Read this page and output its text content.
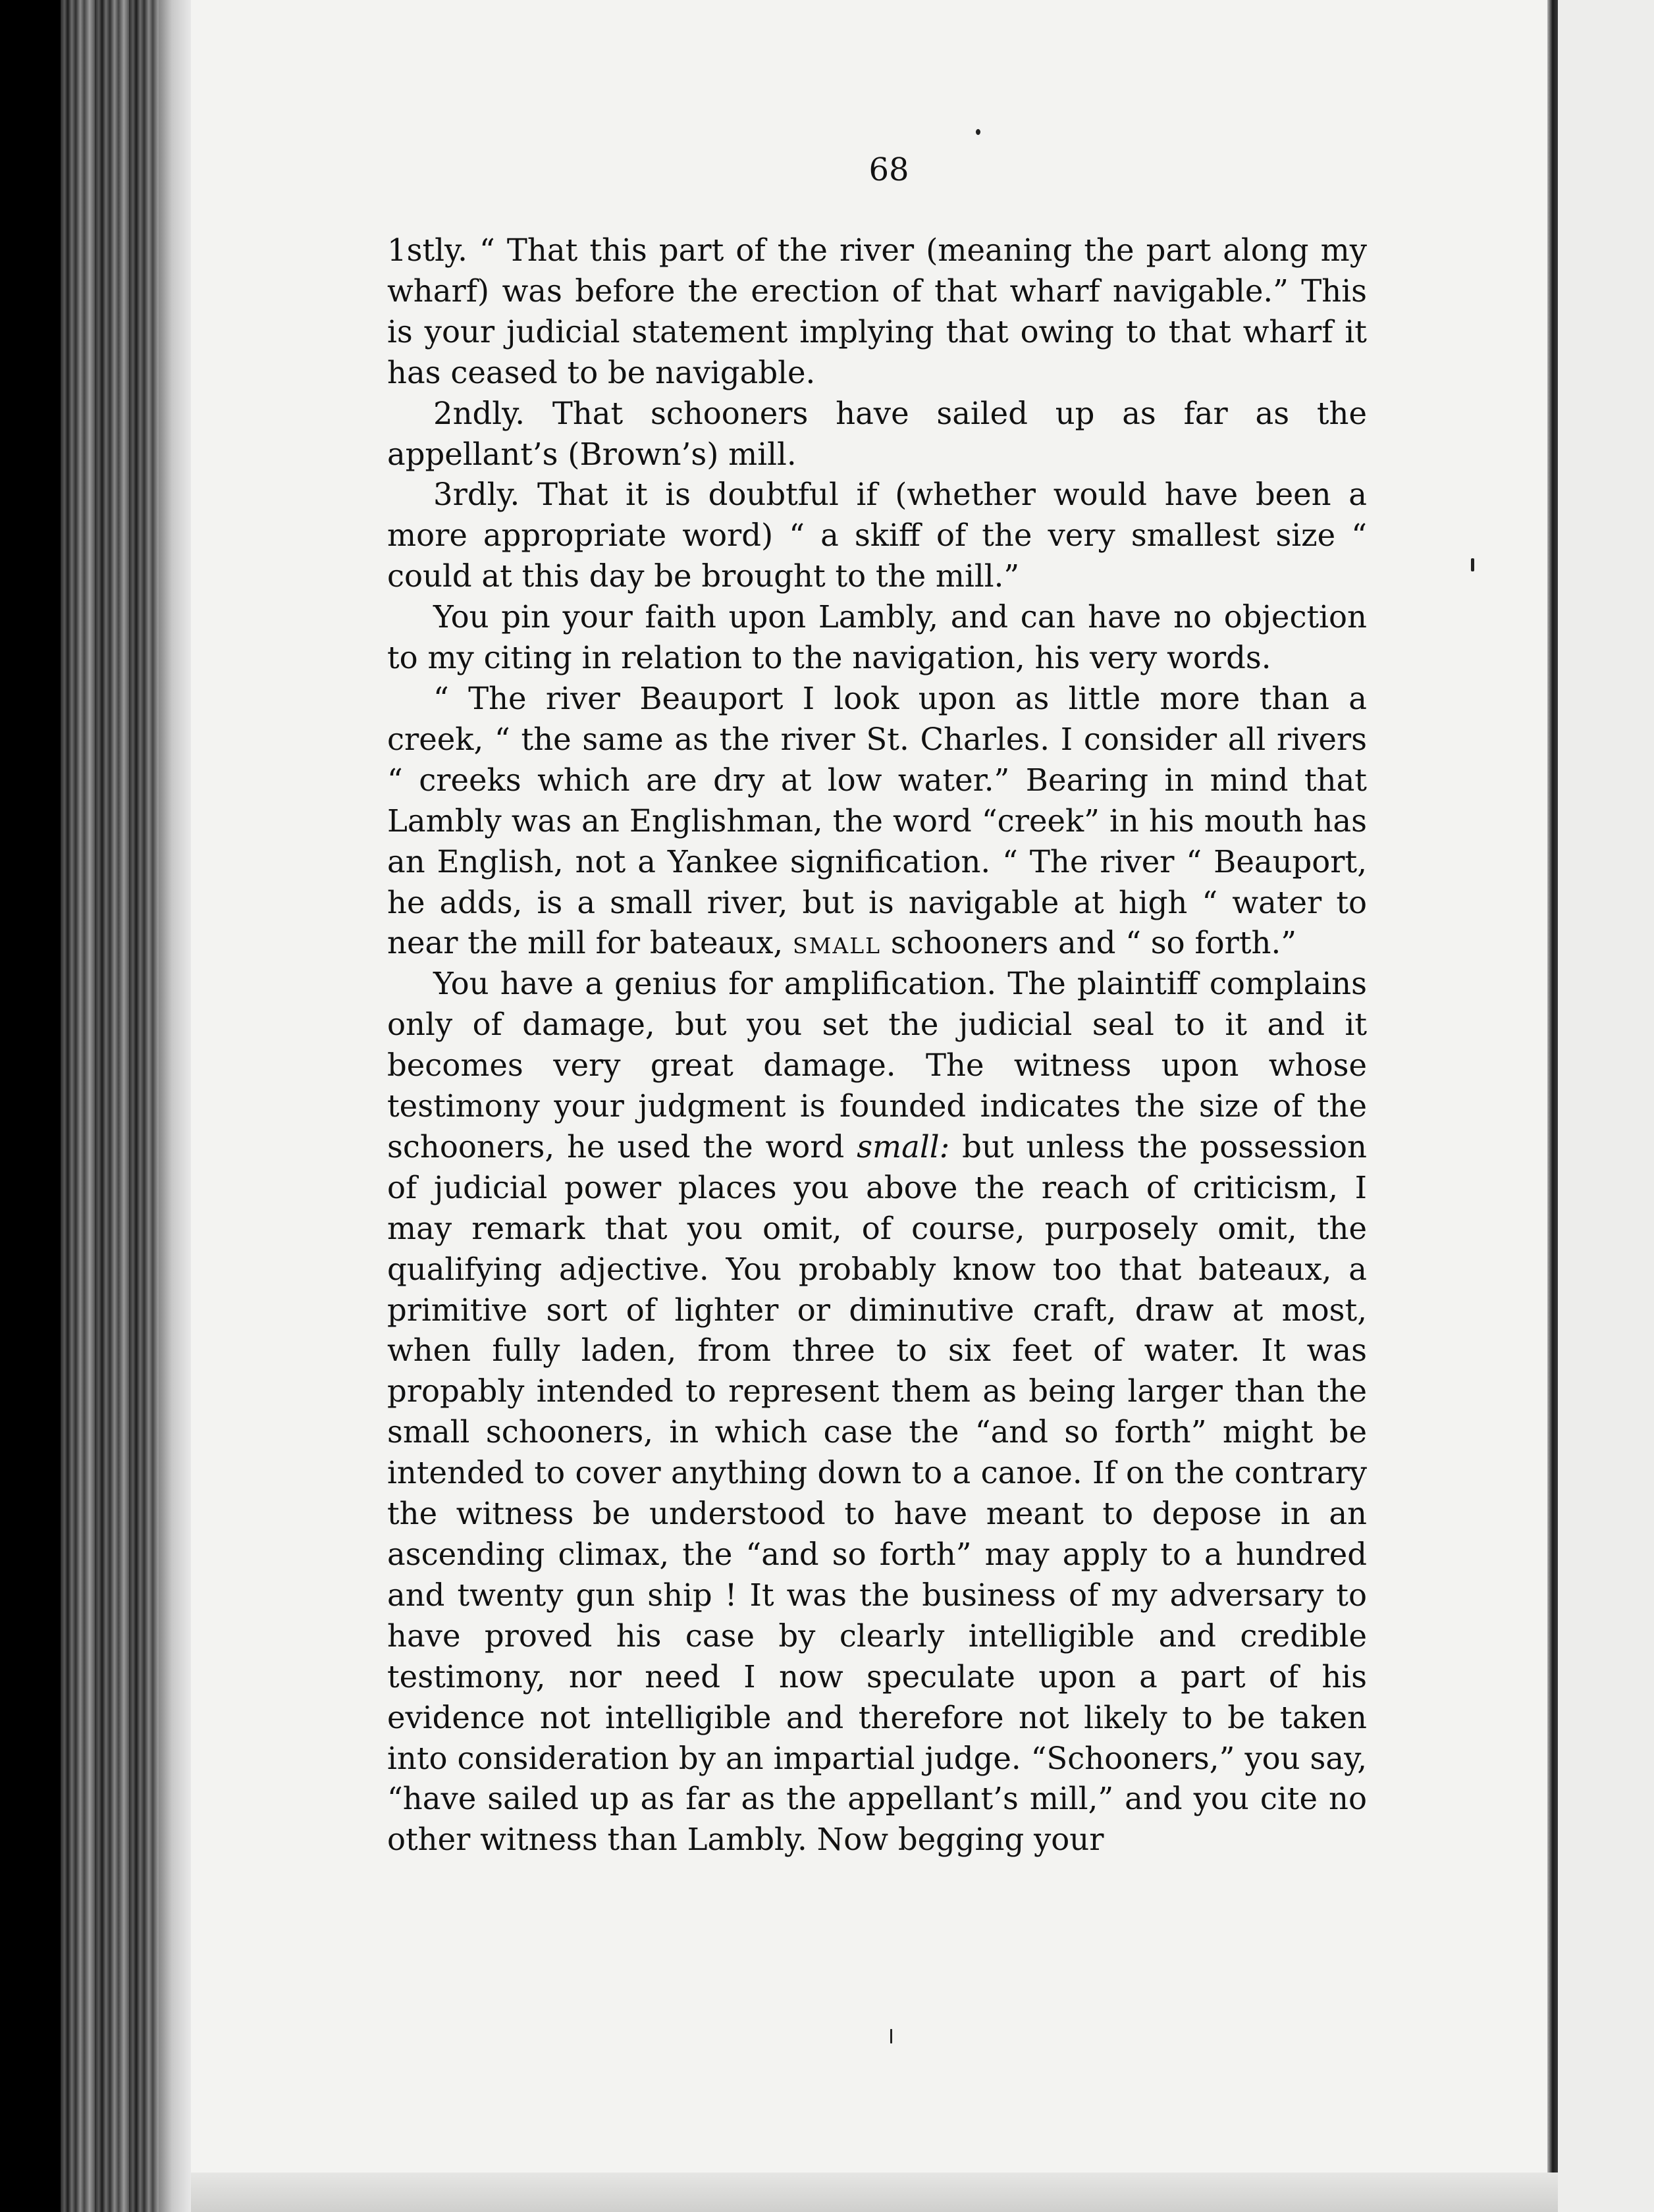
68

1stly. “ That this part of the river (meaning the part along my wharf) was before the erection of that wharf navigable.” This is your judicial statement implying that owing to that wharf it has ceased to be navigable.

2ndly. That schooners have sailed up as far as the appellant’s (Brown’s) mill.

3rdly. That it is doubtful if (whether would have been a more appropriate word) “ a skiff of the very smallest size “ could at this day be brought to the mill.”

You pin your faith upon Lambly, and can have no objection to my citing in relation to the navigation, his very words.

“ The river Beauport I look upon as little more than a creek, “ the same as the river St. Charles. I consider all rivers “ creeks which are dry at low water.” Bearing in mind that Lambly was an Englishman, the word “creek” in his mouth has an English, not a Yankee signification. “ The river “ Beauport, he adds, is a small river, but is navigable at high “ water to near the mill for bateaux, small schooners and “ so forth.”

You have a genius for amplification. The plaintiff complains only of damage, but you set the judicial seal to it and it becomes very great damage. The witness upon whose testimony your judgment is founded indicates the size of the schooners, he used the word small: but unless the possession of judicial power places you above the reach of criticism, I may remark that you omit, of course, purposely omit, the qualifying adjective. You probably know too that bateaux, a primitive sort of lighter or diminutive craft, draw at most, when fully laden, from three to six feet of water. It was propably intended to represent them as being larger than the small schooners, in which case the “and so forth” might be intended to cover anything down to a canoe. If on the contrary the witness be understood to have meant to depose in an ascending climax, the “and so forth” may apply to a hundred and twenty gun ship ! It was the business of my adversary to have proved his case by clearly intelligible and credible testimony, nor need I now speculate upon a part of his evidence not intelligible and therefore not likely to be taken into consideration by an impartial judge. “Schooners,” you say, “have sailed up as far as the appellant’s mill,” and you cite no other witness than Lambly. Now begging your
